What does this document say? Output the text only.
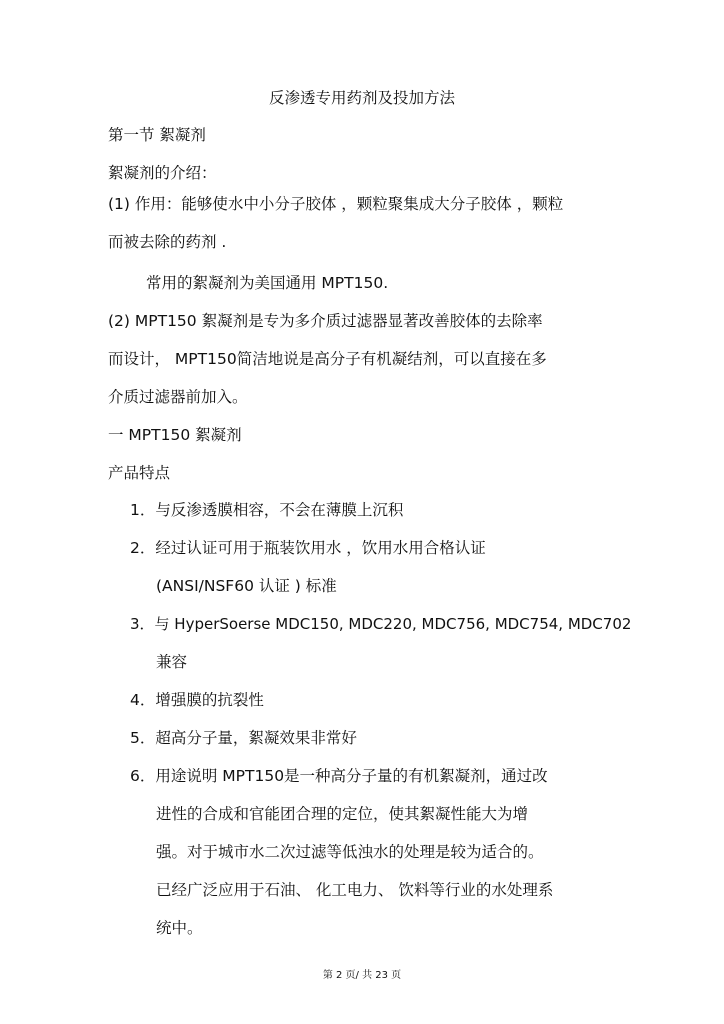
反渗透专用药剂及投加方法

第一节 絮凝剂

絮凝剂的介绍：

(1) 作用：能够使水中小分子胶体 ，颗粒聚集成大分子胶体 ，颗粒

而被去除的药剂 .

常用的絮凝剂为美国通用 MPT150.

(2) MPT150 絮凝剂是专为多介质过滤器显著改善胶体的去除率

而设计， MPT150简洁地说是高分子有机凝结剂，可以直接在多

介质过滤器前加入。

一 MPT150 絮凝剂

产品特点

1．与反渗透膜相容，不会在薄膜上沉积

2．经过认证可用于瓶装饮用水 ，饮用水用合格认证

(ANSI/NSF60 认证 ) 标准

3．与 HyperSoerse MDC150, MDC220, MDC756, MDC754, MDC702

兼容

4．增强膜的抗裂性

5．超高分子量，絮凝效果非常好

6．用途说明 MPT150是一种高分子量的有机絮凝剂，通过改

进性的合成和官能团合理的定位，使其絮凝性能大为增

强。对于城市水二次过滤等低浊水的处理是较为适合的。

已经广泛应用于石油、 化工电力、 饮料等行业的水处理系

统中。

第 2 页/ 共 23 页
